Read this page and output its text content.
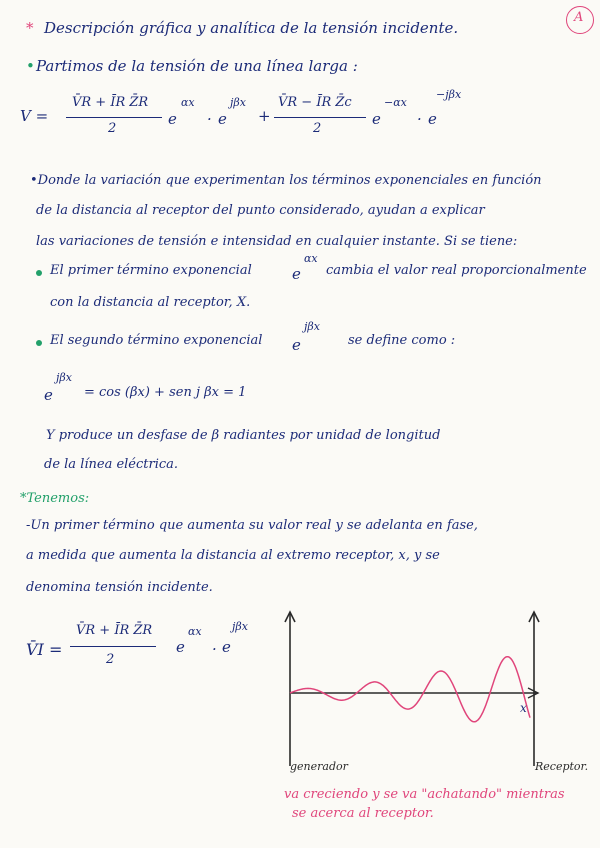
* Descripción gráfica y analítica de la tensión incidente.
A
• Partimos de la tensión de una línea larga :
V =
V̄R + ĪR Z̄R
2
e
αx
· e
jβx
+
V̄R − ĪR Z̄c
2
e
−αx
· e
−jβx
•Donde la variación que experimentan los términos exponenciales en función
de la distancia al receptor del punto considerado, ayudan a explicar
las variaciones de tensión e intensidad en cualquier instante. Si se tiene:
El primer término exponencial	e
αx
cambia el valor real proporcionalmente
con la distancia al receptor, X.
El segundo término exponencial e
jβx
se define como :
e
jβx
= cos (βx) + sen j βx = 1
Y produce un desfase de β radiantes por unidad de longitud
de la línea eléctrica.
*Tenemos:
-Un primer término que aumenta su valor real y se adelanta en fase,
a medida que aumenta la distancia al extremo receptor, x, y se
denomina tensión incidente.
V̄I =
V̄R + ĪR Z̄R
2
e
αx
· e
jβx
x
generador	Receptor.
va creciendo y se va "achatando" mientras
se acerca al receptor.
